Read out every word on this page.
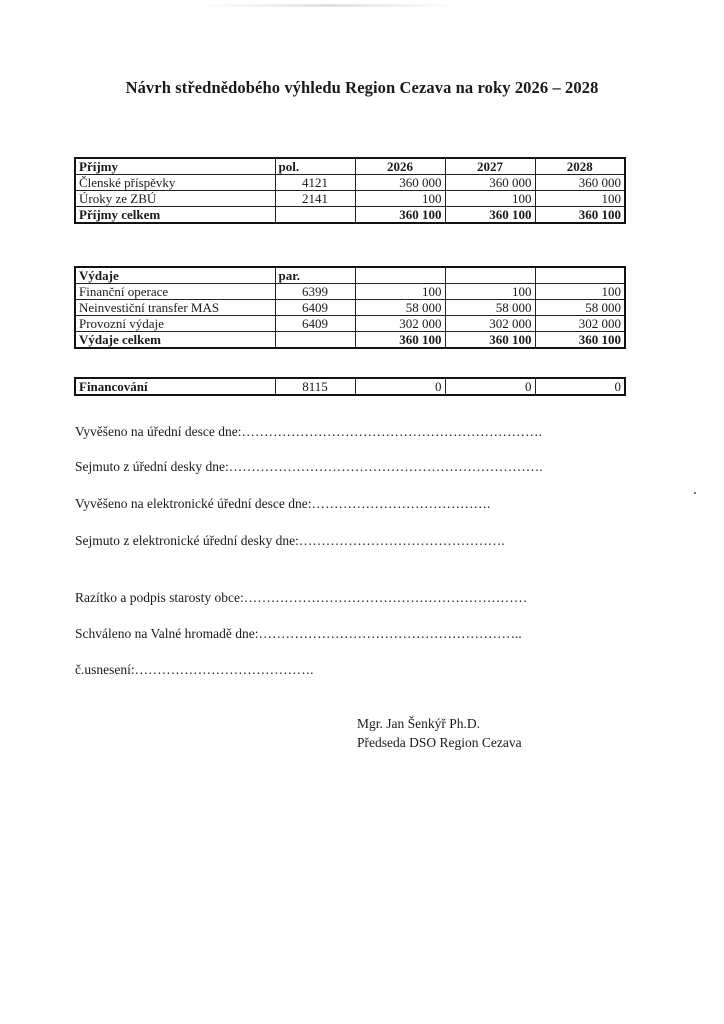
Návrh střednědobého výhledu Region Cezava na roky 2026 – 2028
Příjmy	pol.	2026	2027	2028
Členské příspěvky	4121	360 000	360 000	360 000
Úroky ze ZBÚ	2141	100	100	100
Příjmy celkem		360 100	360 100	360 100
Výdaje	par.			
Finanční operace	6399	100	100	100
Neinvestiční transfer MAS	6409	58 000	58 000	58 000
Provozní výdaje	6409	302 000	302 000	302 000
Výdaje celkem		360 100	360 100	360 100
Financování	8115	0	0	0
Vyvěšeno na úřední desce dne:………………………………………………………….
Sejmuto z úřední desky dne:…………………………………………………………….
Vyvěšeno na elektronické úřední desce dne:………………………………….
Sejmuto z elektronické úřední desky dne:……………………………………….
Razítko a podpis starosty obce:………………………………………………………
Schváleno na Valné hromadě dne:…………………………………………………..
č.usnesení:………………………………….
Mgr. Jan Šenkýř Ph.D.
Předseda DSO Region Cezava
